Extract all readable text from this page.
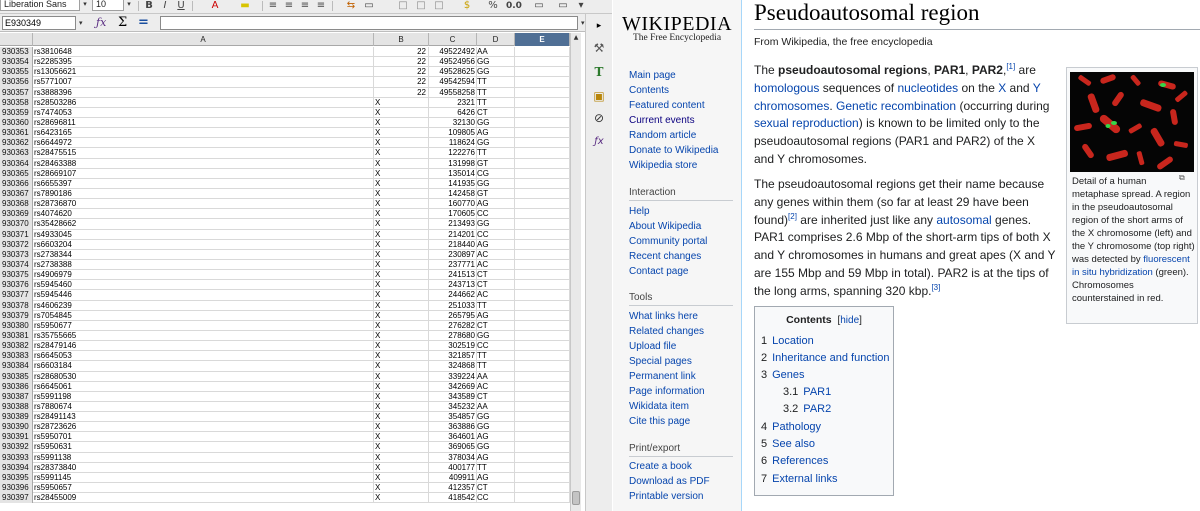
Liberation Sans	▾	10	▾	B	I	U	A	▬ ≡ ≡ ≡ ≡ ⇆ ▭ □ □ □	$	% 0.0 ▭ ▭	▾
E930349	▾	ƒx Σ =	▾
A	B	C	D	E
930353 rs3810648	22 49522492 AA
930354 rs2285395	22 49524956 GG
930355 rs13056621	22 49528625 GG
930356 rs5771007	22 49542594 TT
930357 rs3888396	22 49558258 TT
930358 rs28503286	X	2321 TT
930359 rs7474053	X	6426 CT
930360 rs28696811	X	32130 GG
930361 rs6423165	X	109805 AG
930362 rs6644972	X	118624 GG
930363 rs28475515	X	122276 TT
930364 rs28463388	X	131998 GT
930365 rs28669107	X	135014 CG
930366 rs6655397	X	141935 GG
930367 rs7890186	X	142458 GT
930368 rs28736870	X	160770 AG
930369 rs4074620	X	170605 CC
930370 rs35428662	X	213493 GG
930371 rs4933045	X	214201 CC
930372 rs6603204	X	218440 AG
930373 rs2738344	X	230897 AC
930374 rs2738388	X	237771 AC
930375 rs4906979	X	241513 CT
930376 rs5945460	X	243713 CT
930377 rs5945446	X	244662 AC
930378 rs4606239	X	251033 TT
930379 rs7054845	X	265795 AG
930380 rs5950677	X	276282 CT
930381 rs35755665	X	278680 GG
930382 rs28479146	X	302519 CC
930383 rs6645053	X	321857 TT
930384 rs6603184	X	324868 TT
930385 rs28680530	X	339224 AA
930386 rs6645061	X	342669 AC
930387 rs5991198	X	343589 CT
930388 rs7880674	X	345232 AA
930389 rs28491143	X	354857 GG
930390 rs28723626	X	363886 GG
930391 rs5950701	X	364601 AG
930392 rs5950631	X	369065 GG
930393 rs5991138	X	378034 AG
930394 rs28373840	X	400177 TT
930395 rs5991145	X	409911 AG
930396 rs5950657	X	412357 CT
930397 rs28455009	X	418542 CC
▲
▸
⚒
T
▣
⊘
ƒx
WIKIPEDIA
The Free Encyclopedia
Main page
Contents
Featured content
Current events
Random article
Donate to Wikipedia
Wikipedia store
Interaction
Help
About Wikipedia
Community portal
Recent changes
Contact page
Tools
What links here
Related changes
Upload file
Special pages
Permanent link
Page information
Wikidata item
Cite this page
Print/export
Create a book
Download as PDF
Printable version
Pseudoautosomal region
From Wikipedia, the free encyclopedia
The pseudoautosomal regions, PAR1, PAR2,[1] are homologous sequences of nucleotides on the X and Y chromosomes. Genetic recombination (occurring during sexual reproduction) is known to be limited only to the pseudoautosomal regions (PAR1 and PAR2) of the X and Y chromosomes.
The pseudoautosomal regions get their name because any genes within them (so far at least 29 have been found)[2] are inherited just like any autosomal genes. PAR1 comprises 2.6 Mbp of the short-arm tips of both X and Y chromosomes in humans and great apes (X and Y are 155 Mbp and 59 Mbp in total). PAR2 is at the tips of the long arms, spanning 320 kbp.[3]
⧉
Detail of a human metaphase spread. A region in the pseudoautosomal region of the short arms of the X chromosome (left) and the Y chromosome (top right) was detected by fluorescent in situ hybridization (green). Chromosomes counterstained in red.
Contents [hide]
1 Location
2 Inheritance and function
3 Genes
3.1 PAR1
3.2 PAR2
4 Pathology
5 See also
6 References
7 External links
